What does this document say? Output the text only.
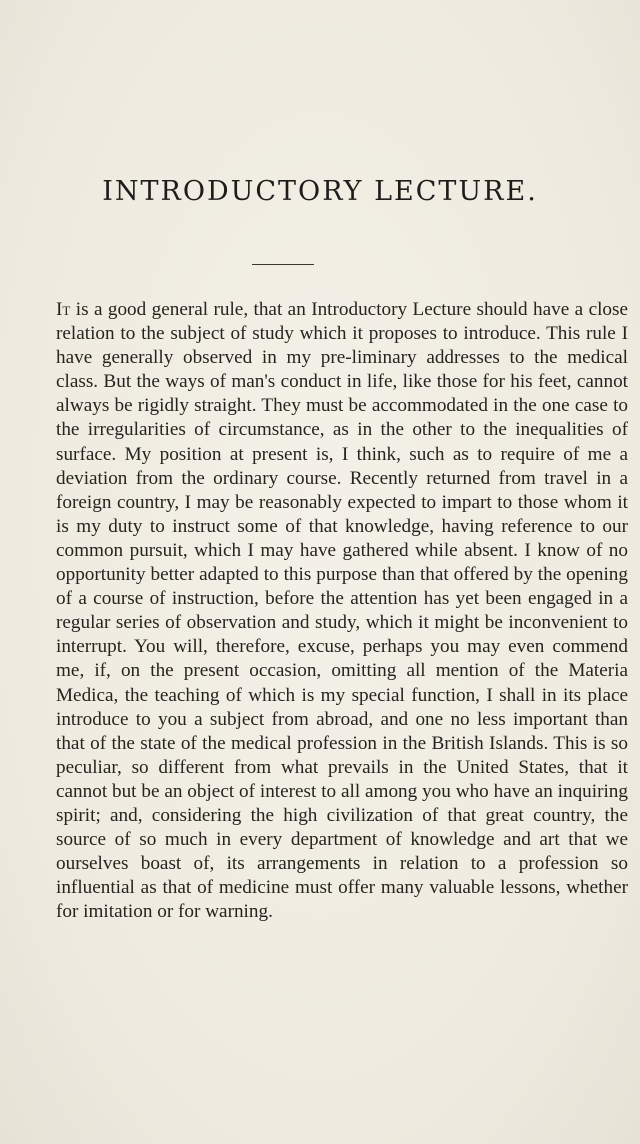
INTRODUCTORY LECTURE.

It is a good general rule, that an Introductory Lecture should have a close relation to the subject of study which it proposes to introduce. This rule I have generally observed in my pre-liminary addresses to the medical class. But the ways of man's conduct in life, like those for his feet, cannot always be rigidly straight. They must be accommodated in the one case to the irregularities of circumstance, as in the other to the inequalities of surface. My position at present is, I think, such as to require of me a deviation from the ordinary course. Recently returned from travel in a foreign country, I may be reasonably expected to impart to those whom it is my duty to instruct some of that knowledge, having reference to our common pursuit, which I may have gathered while absent. I know of no opportunity better adapted to this purpose than that offered by the opening of a course of instruction, before the attention has yet been engaged in a regular series of observation and study, which it might be inconvenient to interrupt. You will, therefore, excuse, perhaps you may even commend me, if, on the present occasion, omitting all mention of the Materia Medica, the teaching of which is my special function, I shall in its place introduce to you a subject from abroad, and one no less important than that of the state of the medical profession in the British Islands. This is so peculiar, so different from what prevails in the United States, that it cannot but be an object of interest to all among you who have an inquiring spirit; and, considering the high civilization of that great country, the source of so much in every department of knowledge and art that we ourselves boast of, its arrangements in relation to a profession so influential as that of medicine must offer many valuable lessons, whether for imitation or for warning.
